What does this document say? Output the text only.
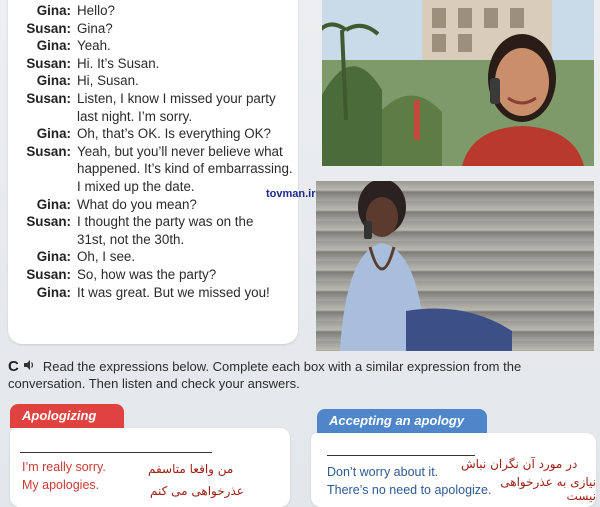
Gina: Hello?
Susan: Gina?
Gina: Yeah.
Susan: Hi. It’s Susan.
Gina: Hi, Susan.
Susan: Listen, I know I missed your party
last night. I’m sorry.
Gina: Oh, that’s OK. Is everything OK?
Susan: Yeah, but you’ll never believe what
happened. It’s kind of embarrassing.
I mixed up the date.
Gina: What do you mean?
Susan: I thought the party was on the
31st, not the 30th.
Gina: Oh, I see.
Susan: So, how was the party?
Gina: It was great. But we missed you!
tovman.ir
C Read the expressions below. Complete each box with a similar expression from the conversation. Then listen and check your answers.
Apologizing
I’m really sorry.
My apologies.
من واقعا متاسفم
عذرخواهی می کنم
Accepting an apology
Don’t worry about it.
There’s no need to apologize.
در مورد آن نگران نباش
نیازی به عذرخواهی نیست
